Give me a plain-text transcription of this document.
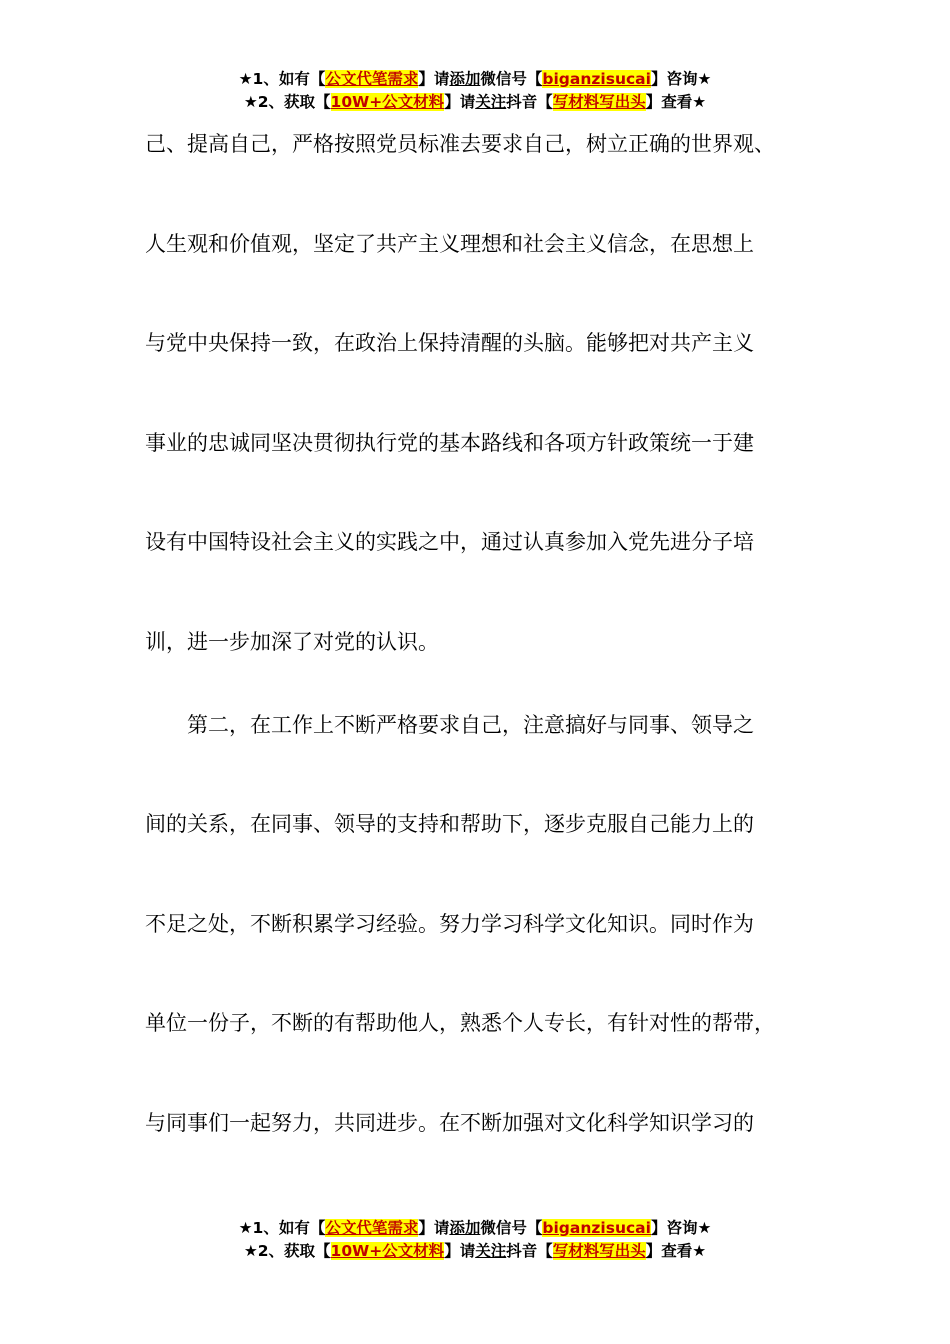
★1、如有【公文代笔需求】请添加微信号【biganzisucai】咨询★
★2、获取【10W+公文材料】请关注抖音【写材料写出头】查看★
己、提高自己，严格按照党员标准去要求自己，树立正确的世界观、
人生观和价值观，坚定了共产主义理想和社会主义信念，在思想上
与党中央保持一致，在政治上保持清醒的头脑。能够把对共产主义
事业的忠诚同坚决贯彻执行党的基本路线和各项方针政策统一于建
设有中国特设社会主义的实践之中，通过认真参加入党先进分子培
训，进一步加深了对党的认识。
第二，在工作上不断严格要求自己，注意搞好与同事、领导之
间的关系，在同事、领导的支持和帮助下，逐步克服自己能力上的
不足之处，不断积累学习经验。努力学习科学文化知识。同时作为
单位一份子，不断的有帮助他人，熟悉个人专长，有针对性的帮带，
与同事们一起努力，共同进步。在不断加强对文化科学知识学习的
★1、如有【公文代笔需求】请添加微信号【biganzisucai】咨询★
★2、获取【10W+公文材料】请关注抖音【写材料写出头】查看★
